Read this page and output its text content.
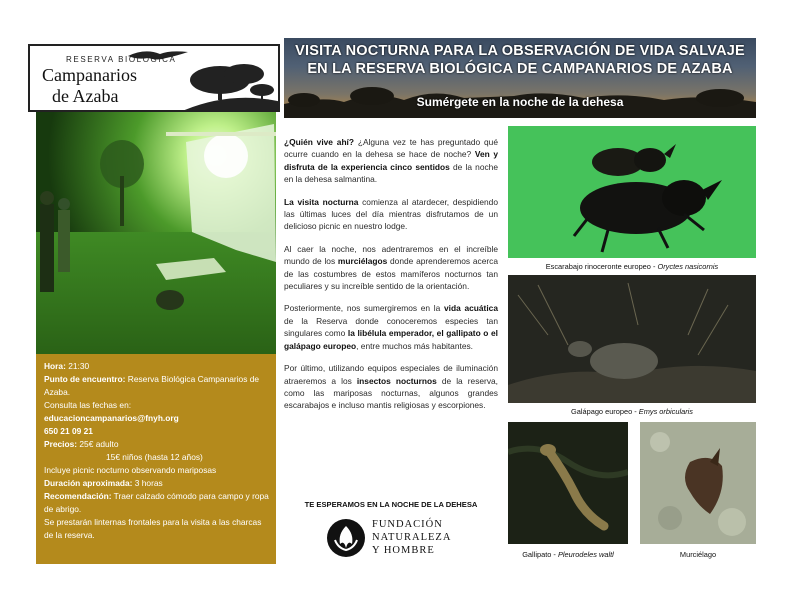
RESERVA BIOLÓGICA
Campanarios
de Azaba
VISITA NOCTURNA PARA LA OBSERVACIÓN DE VIDA SALVAJE
EN LA RESERVA BIOLÓGICA DE CAMPANARIOS DE AZABA
Sumérgete en la noche de la dehesa
Hora: 21:30
Punto de encuentro: Reserva Biológica Campanarios de Azaba.
Consulta las fechas en:
educacioncampanarios@fnyh.org
650 21 09 21
Precios: 25€ adulto
15€ niños (hasta 12 años)
Incluye picnic nocturno observando mariposas
Duración aproximada: 3 horas
Recomendación: Traer calzado cómodo para campo y ropa de abrigo.
Se prestarán linternas frontales para la visita a las charcas de la reserva.

¿Quién vive ahí? ¿Alguna vez te has preguntado qué ocurre cuando en la dehesa se hace de noche? Ven y disfruta de la experiencia cinco sentidos de la noche en la dehesa salmantina.

La visita nocturna comienza al atardecer, despidiendo las últimas luces del día mientras disfrutamos de un delicioso picnic en nuestro lodge.

Al caer la noche, nos adentraremos en el increíble mundo de los murciélagos donde aprenderemos acerca de las costumbres de estos mamíferos nocturnos tan peculiares y su increíble sentido de la orientación.

Posteriormente, nos sumergiremos en la vida acuática de la Reserva donde conoceremos especies tan singulares como la libélula emperador, el gallipato o el galápago europeo, entre muchos más habitantes.

Por último, utilizando equipos especiales de iluminación atraeremos a los insectos nocturnos de la reserva, como las mariposas nocturnas, algunos grandes escarabajos e incluso mantis religiosas y escorpiones.

TE ESPERAMOS EN LA NOCHE DE LA DEHESA
FUNDACIÓN
NATURALEZA
Y HOMBRE
Escarabajo rinoceronte europeo - Oryctes nasicornis
Galápago europeo - Emys orbicularis
Gallipato - Pleurodeles waltl	Murciélago
